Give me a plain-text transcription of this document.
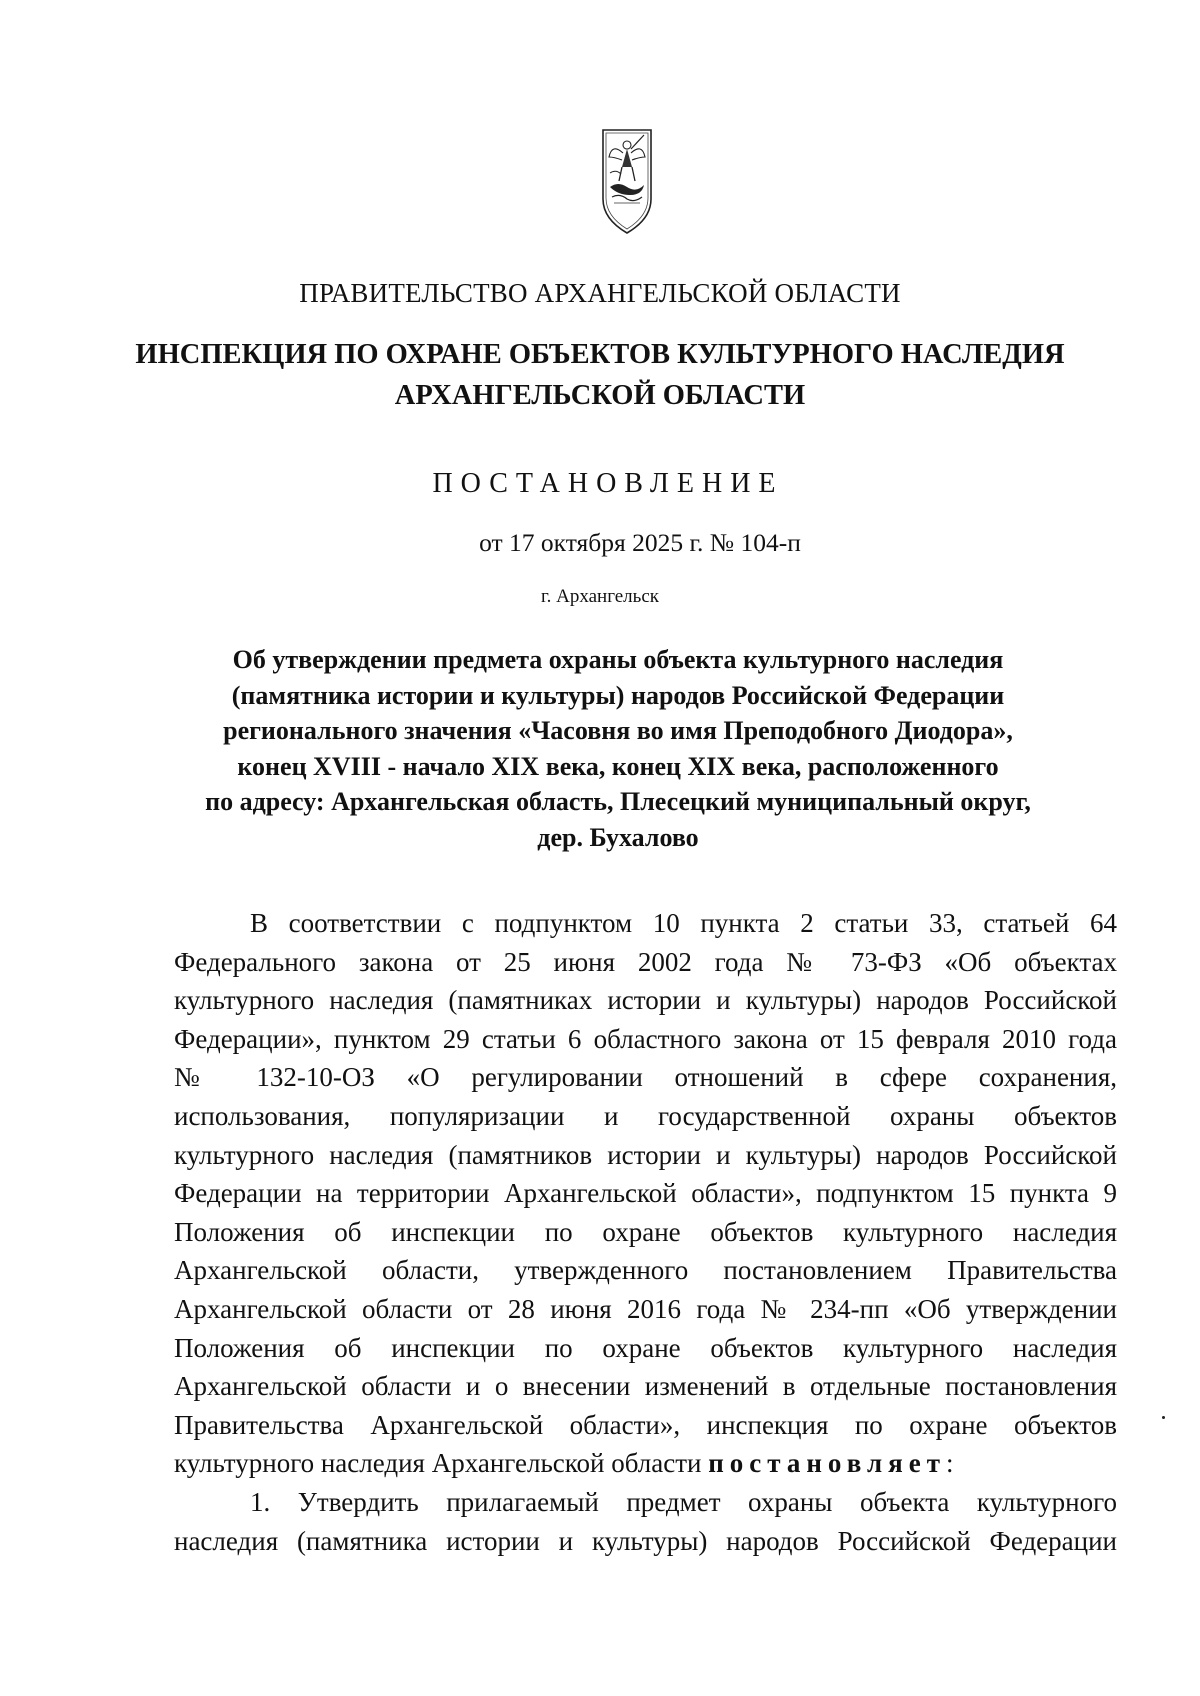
ПРАВИТЕЛЬСТВО АРХАНГЕЛЬСКОЙ ОБЛАСТИ
ИНСПЕКЦИЯ ПО ОХРАНЕ ОБЪЕКТОВ КУЛЬТУРНОГО НАСЛЕДИЯ
АРХАНГЕЛЬСКОЙ ОБЛАСТИ
ПОСТАНОВЛЕНИЕ
от 17 октября 2025 г. № 104-п
г. Архангельск
Об утверждении предмета охраны объекта культурного наследия
(памятника истории и культуры) народов Российской Федерации
регионального значения «Часовня во имя Преподобного Диодора»,
конец XVIII - начало XIX века, конец XIX века, расположенного
по адресу: Архангельская область, Плесецкий муниципальный округ,
дер. Бухалово
В соответствии с подпунктом 10 пункта 2 статьи 33, статьей 64
Федерального закона от 25 июня 2002 года № 73-ФЗ «Об объектах
культурного наследия (памятниках истории и культуры) народов Российской
Федерации», пунктом 29 статьи 6 областного закона от 15 февраля 2010 года
№ 132-10-ОЗ «О регулировании отношений в сфере сохранения,
использования, популяризации и государственной охраны объектов
культурного наследия (памятников истории и культуры) народов Российской
Федерации на территории Архангельской области», подпунктом 15 пункта 9
Положения об инспекции по охране объектов культурного наследия
Архангельской области, утвержденного постановлением Правительства
Архангельской области от 28 июня 2016 года № 234-пп «Об утверждении
Положения об инспекции по охране объектов культурного наследия
Архангельской области и о внесении изменений в отдельные постановления
Правительства Архангельской области», инспекция по охране объектов
культурного наследия Архангельской области постановляет:
1. Утвердить прилагаемый предмет охраны объекта культурного
наследия (памятника истории и культуры) народов Российской Федерации
